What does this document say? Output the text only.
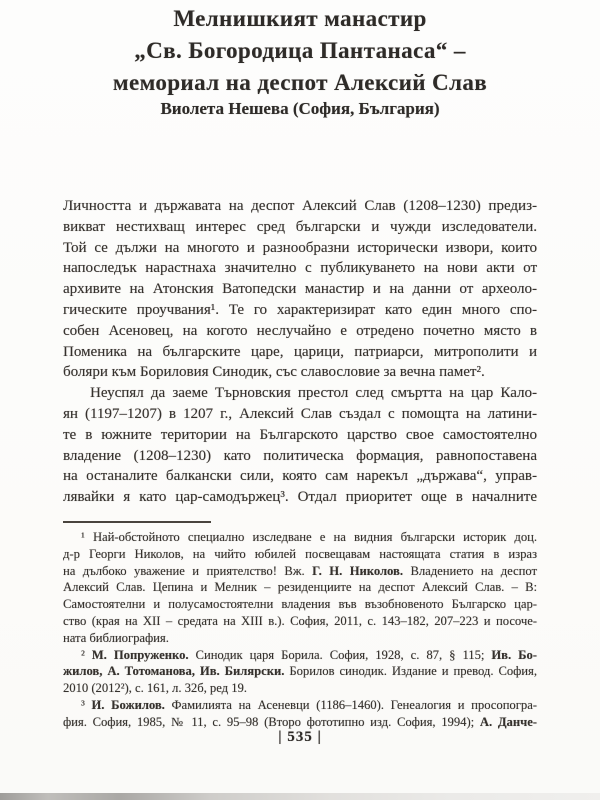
Мелнишкият манастир
„Св. Богородица Пантанаса“ –
мемориал на деспот Алексий Слав
Виолета Нешева (София, България)
Личността и държавата на деспот Алексий Слав (1208–1230) предиз-
викват нестихващ интерес сред български и чужди изследователи.
Той се дължи на многото и разнообразни исторически извори, които
напоследък нарастнаха значително с публикуването на нови акти от
архивите на Атонския Ватопедски манастир и на данни от археоло-
гическите проучвания¹. Те го характеризират като един много спо-
собен Асеновец, на когото неслучайно е отредено почетно място в
Поменика на българските царе, царици, патриарси, митрополити и
боляри към Бориловия Синодик, със славословие за вечна памет².
Неуспял да заеме Търновския престол след смъртта на цар Кало-
ян (1197–1207) в 1207 г., Алексий Слав създал с помощта на латини-
те в южните територии на Българското царство свое самостоятелно
владение (1208–1230) като политическа формация, равнопоставена
на останалите балкански сили, която сам нарекъл „държава“, управ-
лявайки я като цар-самодържец³. Отдал приоритет още в началните
¹ Най-обстойното специално изследване е на видния български историк доц.
д-р Георги Николов, на чийто юбилей посвещавам настоящата статия в израз
на дълбоко уважение и приятелство! Вж. Г. Н. Николов. Владението на деспот
Алексий Слав. Цепина и Мелник – резиденциите на деспот Алексий Слав. – В:
Самостоятелни и полусамостоятелни владения във възобновеното Българско цар-
ство (края на XII – средата на XIII в.). София, 2011, с. 143–182, 207–223 и посоче-
ната библиография.
² М. Попруженко. Синодик царя Борила. София, 1928, с. 87, § 115; Ив. Бо-
жилов, А. Тотоманова, Ив. Билярски. Борилов синодик. Издание и превод. София,
2010 (2012²), с. 161, л. 32б, ред 19.
³ И. Божилов. Фамилията на Асеневци (1186–1460). Генеалогия и просопогра-
фия. София, 1985, № 11, с. 95–98 (Второ фототипно изд. София, 1994); А. Данче-
| 535 |
